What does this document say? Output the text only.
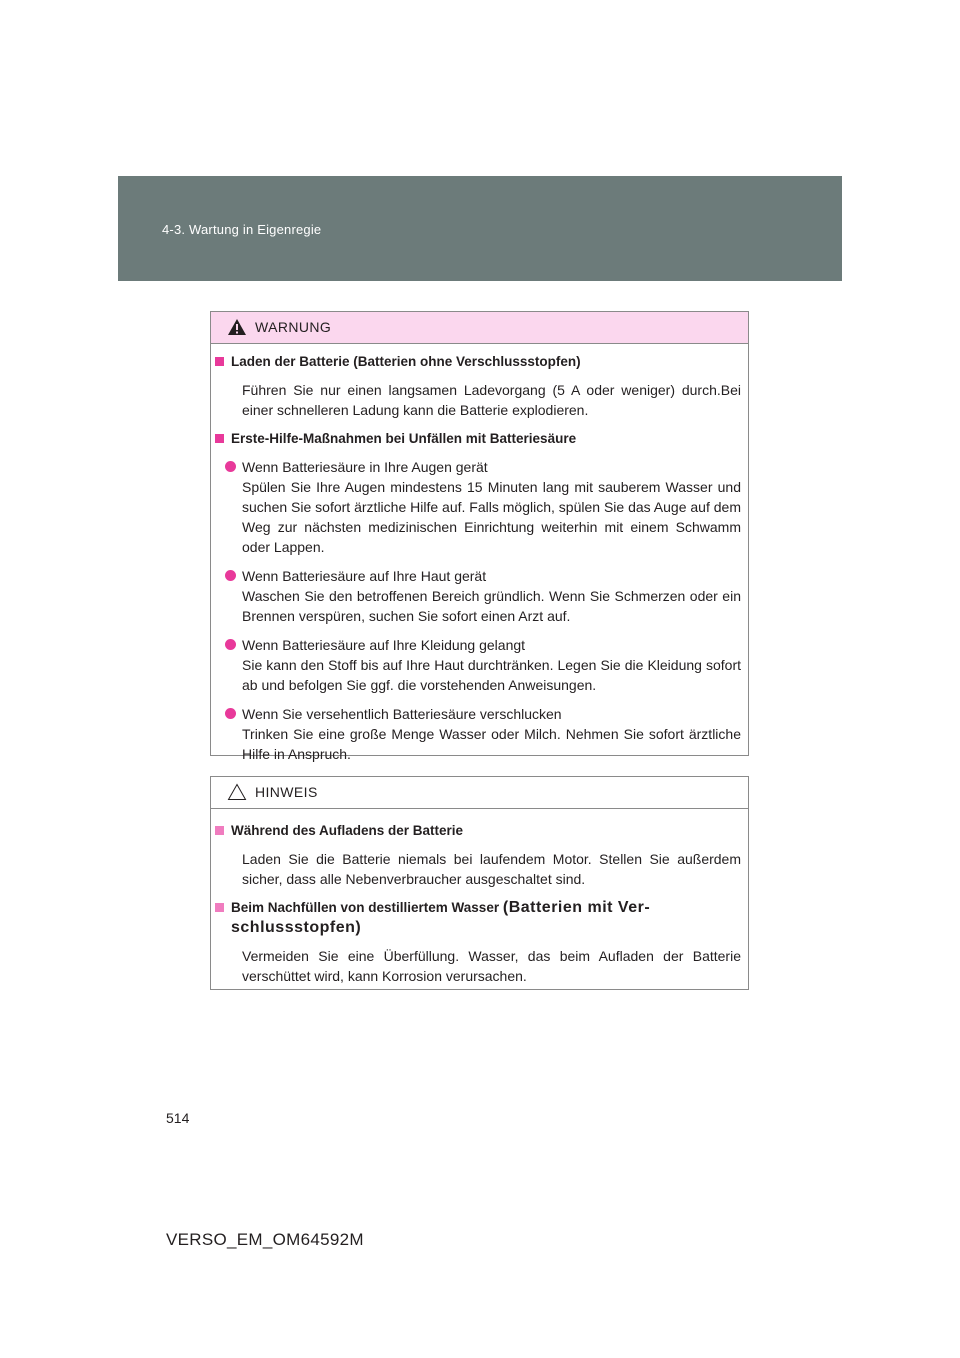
4-3. Wartung in Eigenregie
WARNUNG
Laden der Batterie (Batterien ohne Verschlussstopfen)
Führen Sie nur einen langsamen Ladevorgang (5 A oder weniger) durch.Bei einer schnelleren Ladung kann die Batterie explodieren.
Erste-Hilfe-Maßnahmen bei Unfällen mit Batteriesäure
Wenn Batteriesäure in Ihre Augen gerät
Spülen Sie Ihre Augen mindestens 15 Minuten lang mit sauberem Wasser und suchen Sie sofort ärztliche Hilfe auf. Falls möglich, spülen Sie das Auge auf dem Weg zur nächsten medizinischen Einrichtung weiterhin mit einem Schwamm oder Lappen.
Wenn Batteriesäure auf Ihre Haut gerät
Waschen Sie den betroffenen Bereich gründlich. Wenn Sie Schmerzen oder ein Brennen verspüren, suchen Sie sofort einen Arzt auf.
Wenn Batteriesäure auf Ihre Kleidung gelangt
Sie kann den Stoff bis auf Ihre Haut durchtränken. Legen Sie die Kleidung sofort ab und befolgen Sie ggf. die vorstehenden Anweisungen.
Wenn Sie versehentlich Batteriesäure verschlucken
Trinken Sie eine große Menge Wasser oder Milch. Nehmen Sie sofort ärztliche Hilfe in Anspruch.
HINWEIS
Während des Aufladens der Batterie
Laden Sie die Batterie niemals bei laufendem Motor. Stellen Sie außerdem sicher, dass alle Nebenverbraucher ausgeschaltet sind.
Beim Nachfüllen von destilliertem Wasser (Batterien mit Ver-schlussstopfen)
Vermeiden Sie eine Überfüllung. Wasser, das beim Aufladen der Batterie verschüttet wird, kann Korrosion verursachen.
514
VERSO_EM_OM64592M
